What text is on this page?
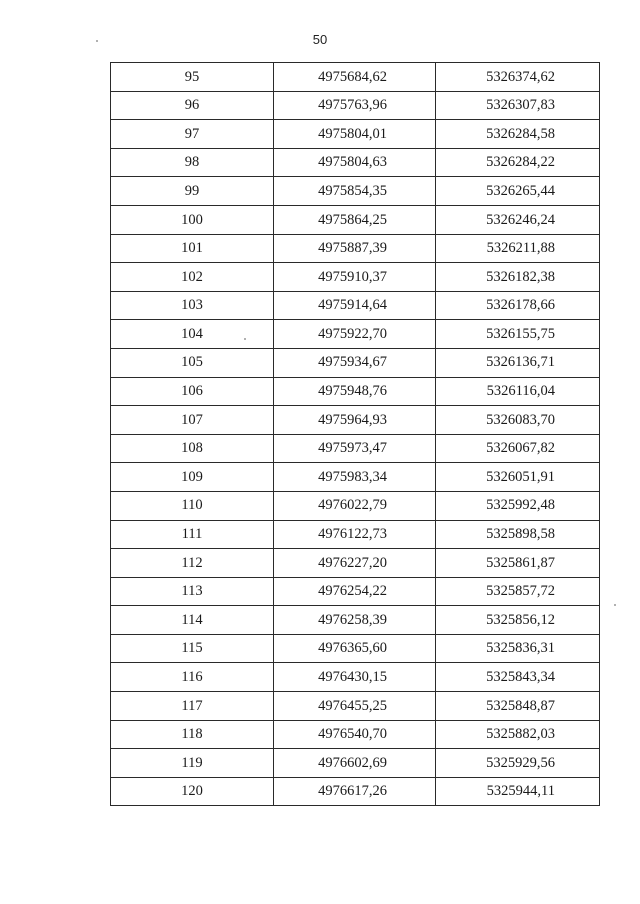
50
95	4975684,62	5326374,62
96	4975763,96	5326307,83
97	4975804,01	5326284,58
98	4975804,63	5326284,22
99	4975854,35	5326265,44
100	4975864,25	5326246,24
101	4975887,39	5326211,88
102	4975910,37	5326182,38
103	4975914,64	5326178,66
104	4975922,70	5326155,75
105	4975934,67	5326136,71
106	4975948,76	5326116,04
107	4975964,93	5326083,70
108	4975973,47	5326067,82
109	4975983,34	5326051,91
110	4976022,79	5325992,48
111	4976122,73	5325898,58
112	4976227,20	5325861,87
113	4976254,22	5325857,72
114	4976258,39	5325856,12
115	4976365,60	5325836,31
116	4976430,15	5325843,34
117	4976455,25	5325848,87
118	4976540,70	5325882,03
119	4976602,69	5325929,56
120	4976617,26	5325944,11
